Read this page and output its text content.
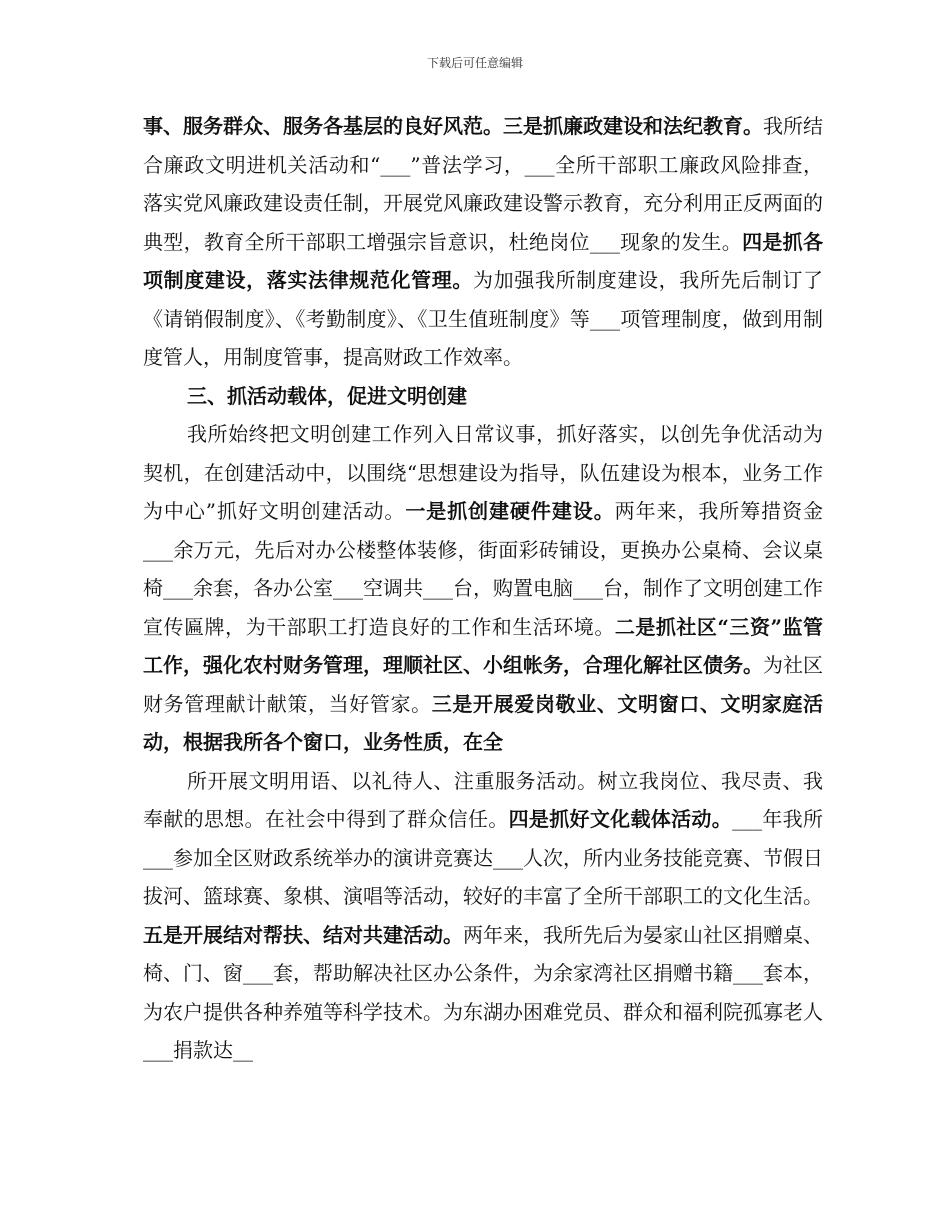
下载后可任意编辑

事、服务群众、服务各基层的良好风范。三是抓廉政建设和法纪教育。我所结合廉政文明进机关活动和“___”普法学习，___全所干部职工廉政风险排查，落实党风廉政建设责任制，开展党风廉政建设警示教育，充分利用正反两面的典型，教育全所干部职工增强宗旨意识，杜绝岗位___现象的发生。四是抓各项制度建设，落实法律规范化管理。为加强我所制度建设，我所先后制订了《请销假制度》、《考勤制度》、《卫生值班制度》等___项管理制度，做到用制度管人，用制度管事，提高财政工作效率。

三、抓活动载体，促进文明创建

我所始终把文明创建工作列入日常议事，抓好落实，以创先争优活动为契机，在创建活动中，以围绕“思想建设为指导，队伍建设为根本，业务工作为中心”抓好文明创建活动。一是抓创建硬件建设。两年来，我所筹措资金___余万元，先后对办公楼整体装修，街面彩砖铺设，更换办公桌椅、会议桌椅___余套，各办公室___空调共___台，购置电脑___台，制作了文明创建工作宣传匾牌，为干部职工打造良好的工作和生活环境。二是抓社区“三资”监管工作，强化农村财务管理，理顺社区、小组帐务，合理化解社区债务。为社区财务管理献计献策，当好管家。三是开展爱岗敬业、文明窗口、文明家庭活动，根据我所各个窗口，业务性质，在全

所开展文明用语、以礼待人、注重服务活动。树立我岗位、我尽责、我奉献的思想。在社会中得到了群众信任。四是抓好文化载体活动。___年我所___参加全区财政系统举办的演讲竞赛达___人次，所内业务技能竞赛、节假日拔河、篮球赛、象棋、演唱等活动，较好的丰富了全所干部职工的文化生活。五是开展结对帮扶、结对共建活动。两年来，我所先后为晏家山社区捐赠桌、椅、门、窗___套，帮助解决社区办公条件，为余家湾社区捐赠书籍___套本，为农户提供各种养殖等科学技术。为东湖办困难党员、群众和福利院孤寡老人___捐款达__
